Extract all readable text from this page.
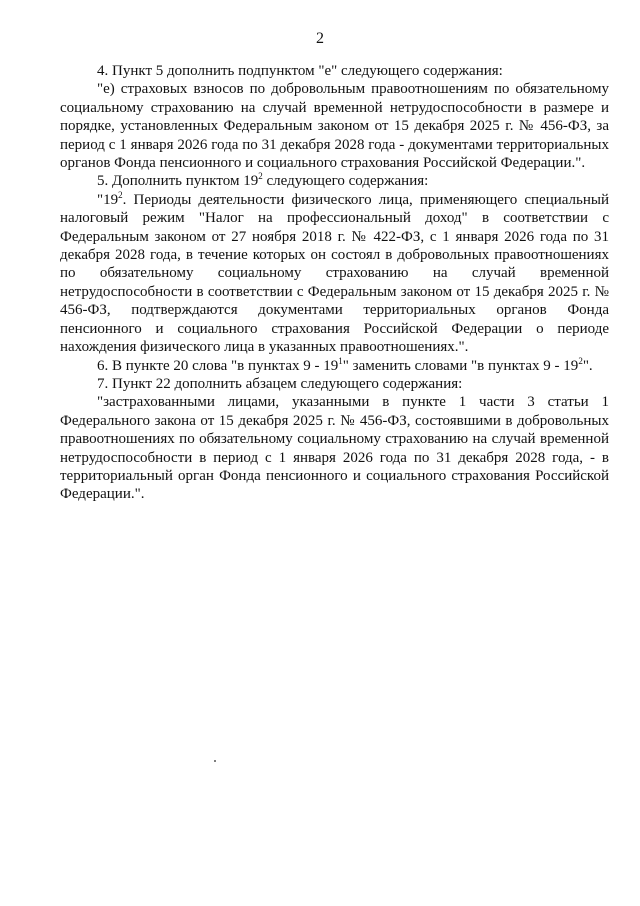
2

4. Пункт 5 дополнить подпунктом "е" следующего содержания:

"е) страховых взносов по добровольным правоотношениям по обязательному социальному страхованию на случай временной нетрудоспособности в размере и порядке, установленных Федеральным законом от 15 декабря 2025 г. № 456-ФЗ, за период с 1 января 2026 года по 31 декабря 2028 года - документами территориальных органов Фонда пенсионного и социального страхования Российской Федерации.".

5. Дополнить пунктом $19^2$ следующего содержания:

"$19^2$. Периоды деятельности физического лица, применяющего специальный налоговый режим "Налог на профессиональный доход" в соответствии с Федеральным законом от 27 ноября 2018 г. № 422-ФЗ, с 1 января 2026 года по 31 декабря 2028 года, в течение которых он состоял в добровольных правоотношениях по обязательному социальному страхованию на случай временной нетрудоспособности в соответствии с Федеральным законом от 15 декабря 2025 г. № 456-ФЗ, подтверждаются документами территориальных органов Фонда пенсионного и социального страхования Российской Федерации о периоде нахождения физического лица в указанных правоотношениях.".

6. В пункте 20 слова "в пунктах $9 - 19^1$" заменить словами "в пунктах $9 - 19^2$".

7. Пункт 22 дополнить абзацем следующего содержания:

"застрахованными лицами, указанными в пункте 1 части 3 статьи 1 Федерального закона от 15 декабря 2025 г. № 456-ФЗ, состоявшими в добровольных правоотношениях по обязательному социальному страхованию на случай временной нетрудоспособности в период с 1 января 2026 года по 31 декабря 2028 года, - в территориальный орган Фонда пенсионного и социального страхования Российской Федерации.".
